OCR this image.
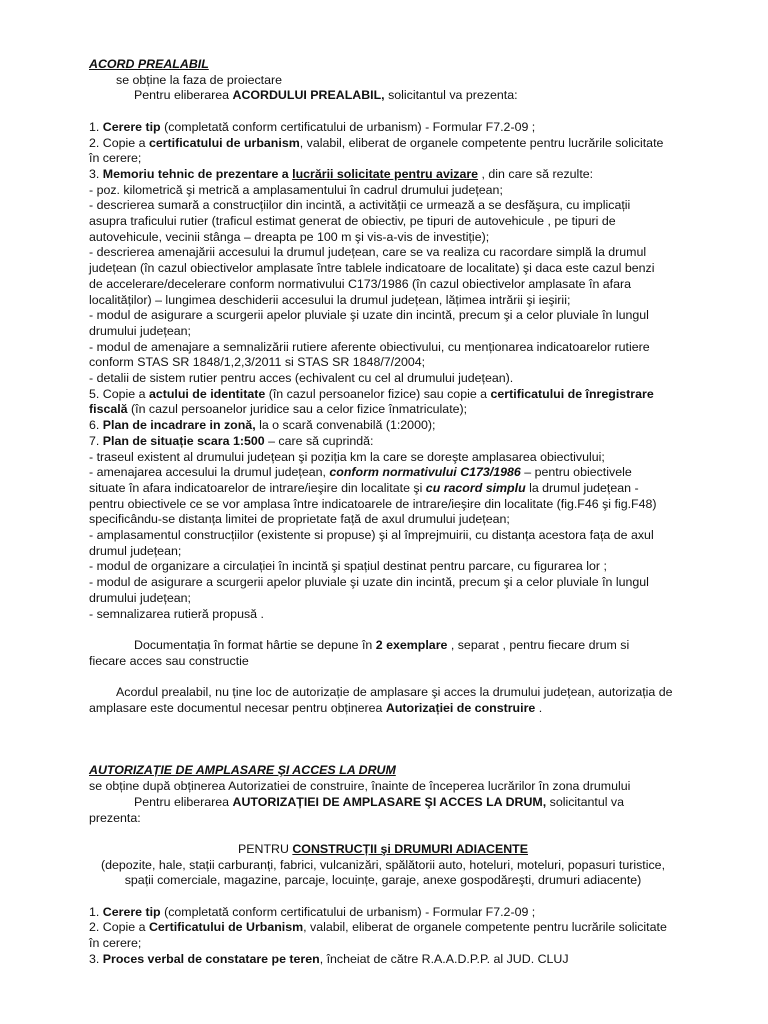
ACORD PREALABIL
se obține la faza de proiectare
Pentru eliberarea ACORDULUI PREALABIL, solicitantul va prezenta:
1. Cerere tip (completată conform certificatului de urbanism) - Formular F7.2-09 ;
2. Copie a certificatului de urbanism, valabil, eliberat de organele competente pentru lucrările solicitate
în cerere;
3. Memoriu tehnic de prezentare a lucrării solicitate pentru avizare , din care să rezulte:
- poz. kilometrică şi metrică a amplasamentului în cadrul drumului județean;
- descrierea sumară a construcțiilor din incintă, a activității ce urmează a se desfăşura, cu implicații
asupra traficului rutier (traficul estimat generat de obiectiv, pe tipuri de autovehicule , pe tipuri de
autovehicule, vecinii stânga – dreapta pe 100 m şi vis-a-vis de investiție);
- descrierea amenajării accesului la drumul județean, care se va realiza cu racordare simplă la drumul
județean (în cazul obiectivelor amplasate între tablele indicatoare de localitate) şi daca este cazul benzi
de accelerare/decelerare conform normativului C173/1986 (în cazul obiectivelor amplasate în afara
localităților) – lungimea deschiderii accesului la drumul județean, lățimea intrării şi ieşirii;
- modul de asigurare a scurgerii apelor pluviale şi uzate din incintă, precum şi a celor pluviale în lungul
drumului județean;
- modul de amenajare a semnalizării rutiere aferente obiectivului, cu menționarea indicatoarelor rutiere
conform STAS SR 1848/1,2,3/2011 si STAS SR 1848/7/2004;
- detalii de sistem rutier pentru acces (echivalent cu cel al drumului județean).
5. Copie a actului de identitate (în cazul persoanelor fizice) sau copie a certificatului de înregistrare
fiscală (în cazul persoanelor juridice sau a celor fizice înmatriculate);
6. Plan de incadrare in zonă, la o scară convenabilă (1:2000);
7. Plan de situație scara 1:500 – care să cuprindă:
- traseul existent al drumului județean şi poziția km la care se doreşte amplasarea obiectivului;
- amenajarea accesului la drumul județean, conform normativului C173/1986 – pentru obiectivele
situate în afara indicatoarelor de intrare/ieşire din localitate şi cu racord simplu la drumul județean -
pentru obiectivele ce se vor amplasa între indicatoarele de intrare/ieşire din localitate (fig.F46 şi fig.F48)
specificându-se distanța limitei de proprietate față de axul drumului județean;
- amplasamentul construcțiilor (existente si propuse) şi al împrejmuirii, cu distanța acestora fața de axul
drumul județean;
- modul de organizare a circulației în incintă şi spațiul destinat pentru parcare, cu figurarea lor ;
- modul de asigurare a scurgerii apelor pluviale şi uzate din incintă, precum şi a celor pluviale în lungul
drumului județean;
- semnalizarea rutieră propusă .
Documentația în format hârtie se depune în 2 exemplare , separat , pentru fiecare drum si
fiecare acces sau constructie
Acordul prealabil, nu ține loc de autorizație de amplasare şi acces la drumului județean, autorizația de
amplasare este documentul necesar pentru obținerea Autorizației de construire .
AUTORIZAȚIE DE AMPLASARE ŞI ACCES LA DRUM
se obține după obținerea Autorizatiei de construire, înainte de începerea lucrărilor în zona drumului
Pentru eliberarea AUTORIZAȚIEI DE AMPLASARE ŞI ACCES LA DRUM, solicitantul va
prezenta:
PENTRU CONSTRUCȚII şi DRUMURI ADIACENTE
(depozite, hale, stații carburanți, fabrici, vulcanizări, spălătorii auto, hoteluri, moteluri, popasuri turistice,
spații comerciale, magazine, parcaje, locuințe, garaje, anexe gospodăreşti, drumuri adiacente)
1. Cerere tip (completată conform certificatului de urbanism) - Formular F7.2-09 ;
2. Copie a Certificatului de Urbanism, valabil, eliberat de organele competente pentru lucrările solicitate
în cerere;
3. Proces verbal de constatare pe teren, încheiat de către R.A.A.D.P.P. al JUD. CLUJ
